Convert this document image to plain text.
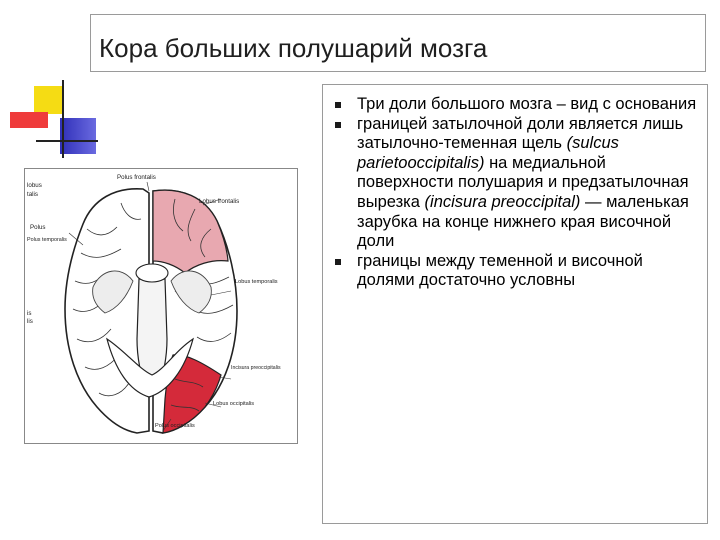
Кора больших полушарий мозга
Три доли большого мозга – вид с основания
границей затылочной доли является лишь затылочно-теменная щель (sulcus parietooccipitalis) на медиальной поверхности полушария и предзатылочная вырезка (incisura preoccipital) — маленькая зарубка на конце нижнего края височной доли
границы между теменной и височной долями достаточно условны
Polus frontalis
Lobus frontalis
Polus
Polus temporalis
Lobus temporalis
Incisura preoccipitalis
Lobus occipitalis
Polus occipitalis
lobus
talis
is
lis
